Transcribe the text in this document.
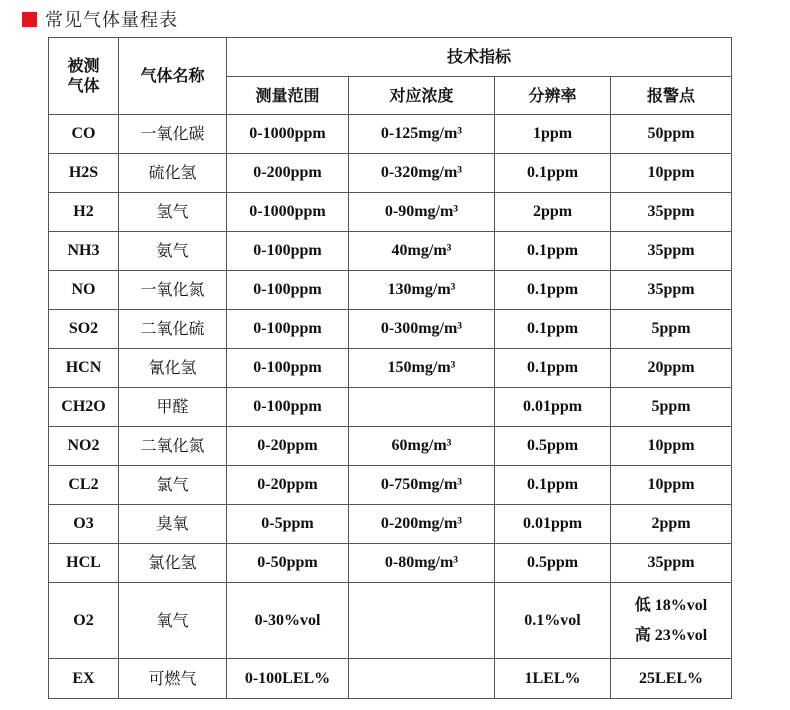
常见气体量程表
被测
气体	气体名称	技术指标			
		测量范围	对应浓度	分辨率	报警点
CO	一氧化碳	0-1000ppm	0-125mg/m³	1ppm	50ppm
H2S	硫化氢	0-200ppm	0-320mg/m³	0.1ppm	10ppm
H2	氢气	0-1000ppm	0-90mg/m³	2ppm	35ppm
NH3	氨气	0-100ppm	40mg/m³	0.1ppm	35ppm
NO	一氧化氮	0-100ppm	130mg/m³	0.1ppm	35ppm
SO2	二氧化硫	0-100ppm	0-300mg/m³	0.1ppm	5ppm
HCN	氰化氢	0-100ppm	150mg/m³	0.1ppm	20ppm
CH2O	甲醛	0-100ppm		0.01ppm	5ppm
NO2	二氧化氮	0-20ppm	60mg/m³	0.5ppm	10ppm
CL2	氯气	0-20ppm	0-750mg/m³	0.1ppm	10ppm
O3	臭氧	0-5ppm	0-200mg/m³	0.01ppm	2ppm
HCL	氯化氢	0-50ppm	0-80mg/m³	0.5ppm	35ppm
O2	氧气	0-30%vol		0.1%vol	低 18%vol
高 23%vol

EX	可燃气	0-100LEL%		1LEL%	25LEL%
